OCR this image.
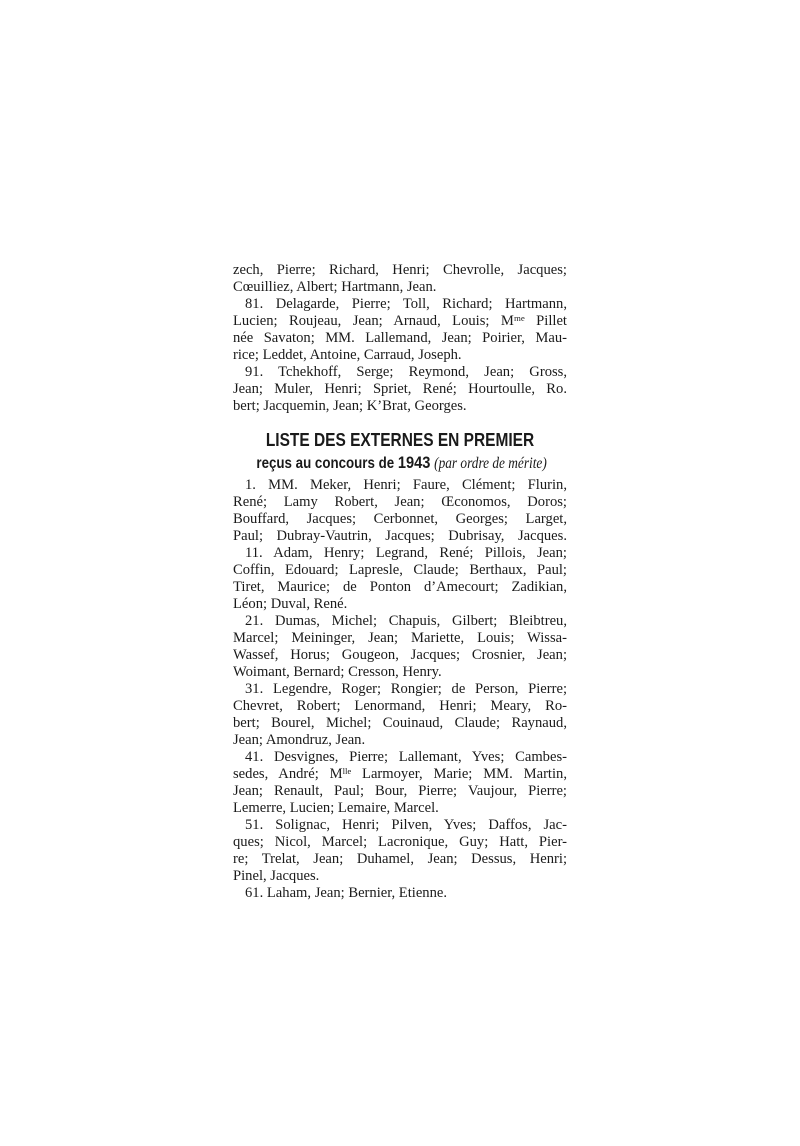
zech, Pierre; Richard, Henri; Chevrolle, Jacques;
Cœuilliez, Albert; Hartmann, Jean.
81. Delagarde, Pierre; Toll, Richard; Hartmann,
Lucien; Roujeau, Jean; Arnaud, Louis; Mᵐᵉ Pillet
née Savaton; MM. Lallemand, Jean; Poirier, Mau-
rice; Leddet, Antoine, Carraud, Joseph.
91. Tchekhoff, Serge; Reymond, Jean; Gross,
Jean; Muler, Henri; Spriet, René; Hourtoulle, Ro.
bert; Jacquemin, Jean; K’Brat, Georges.
LISTE DES EXTERNES EN PREMIER
reçus au concours de 1943 (par ordre de mérite)
1. MM. Meker, Henri; Faure, Clément; Flurin,
René; Lamy Robert, Jean; Œconomos, Doros;
Bouffard, Jacques; Cerbonnet, Georges; Larget,
Paul; Dubray-Vautrin, Jacques; Dubrisay, Jacques.
11. Adam, Henry; Legrand, René; Pillois, Jean;
Coffin, Edouard; Lapresle, Claude; Berthaux, Paul;
Tiret, Maurice; de Ponton d’Amecourt; Zadikian,
Léon; Duval, René.
21. Dumas, Michel; Chapuis, Gilbert; Bleibtreu,
Marcel; Meininger, Jean; Mariette, Louis; Wissa-
Wassef, Horus; Gougeon, Jacques; Crosnier, Jean;
Woimant, Bernard; Cresson, Henry.
31. Legendre, Roger; Rongier; de Person, Pierre;
Chevret, Robert; Lenormand, Henri; Meary, Ro-
bert; Bourel, Michel; Couinaud, Claude; Raynaud,
Jean; Amondruz, Jean.
41. Desvignes, Pierre; Lallemant, Yves; Cambes-
sedes, André; Mˡˡᵉ Larmoyer, Marie; MM. Martin,
Jean; Renault, Paul; Bour, Pierre; Vaujour, Pierre;
Lemerre, Lucien; Lemaire, Marcel.
51. Solignac, Henri; Pilven, Yves; Daffos, Jac-
ques; Nicol, Marcel; Lacronique, Guy; Hatt, Pier-
re; Trelat, Jean; Duhamel, Jean; Dessus, Henri;
Pinel, Jacques.
61. Laham, Jean; Bernier, Etienne.
